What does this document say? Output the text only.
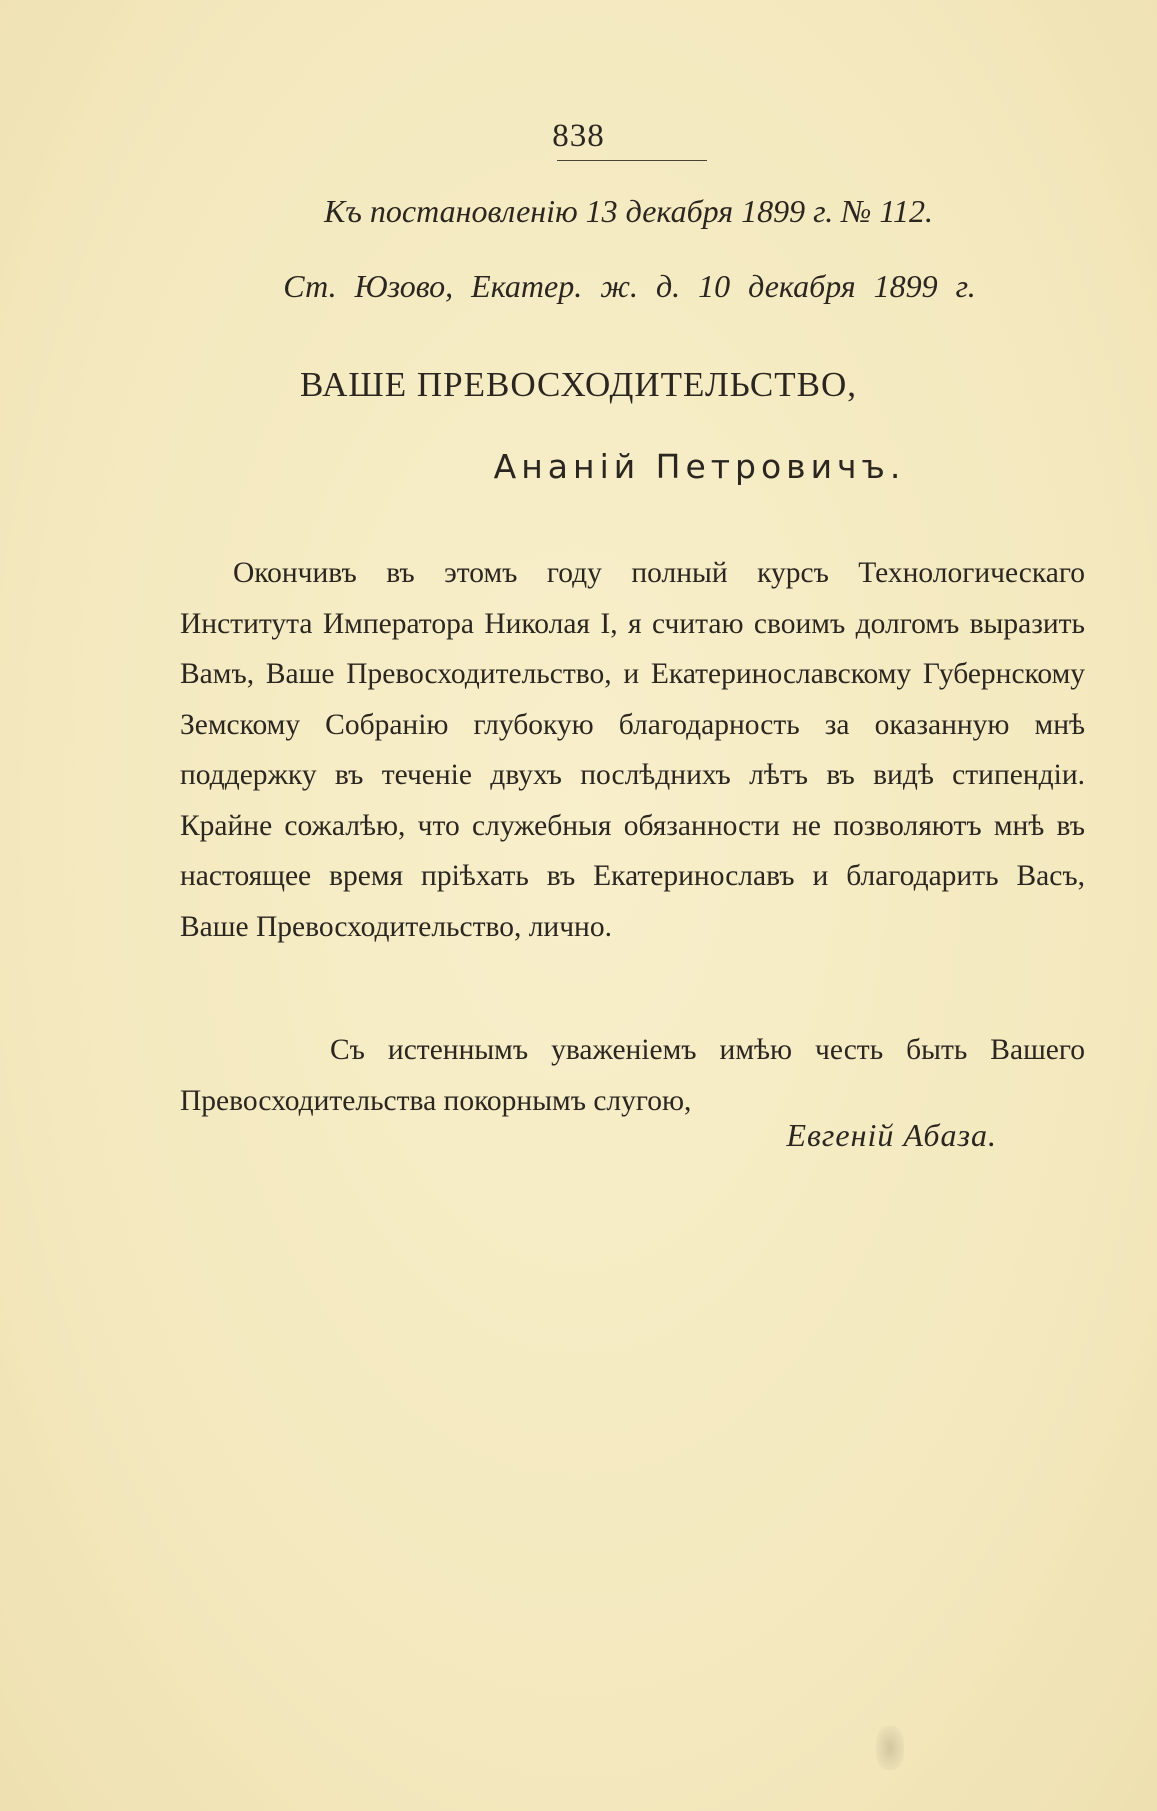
838
Къ постановленію 13 декабря 1899 г. № 112.
Ст. Юзово, Екатер. ж. д. 10 декабря 1899 г.
ВАШЕ ПРЕВОСХОДИТЕЛЬСТВО,
Ананій Петровичъ.

Окончивъ въ этомъ году полный курсъ Технологическаго Института Императора Николая I, я считаю своимъ долгомъ выразить Вамъ, Ваше Превосходительство, и Екатеринославскому Губернскому Земскому Собранію глубокую благодарность за оказанную мнѣ поддержку въ теченіе двухъ послѣднихъ лѣтъ въ видѣ стипендіи. Крайне сожалѣю, что служебныя обязанности не позволяютъ мнѣ въ настоящее время пріѣхать въ Екатеринославъ и благодарить Васъ, Ваше Превосходительство, лично.

Съ истеннымъ уваженіемъ имѣю честь быть Вашего Превосходительства покорнымъ слугою,

Евгеній Абаза.
